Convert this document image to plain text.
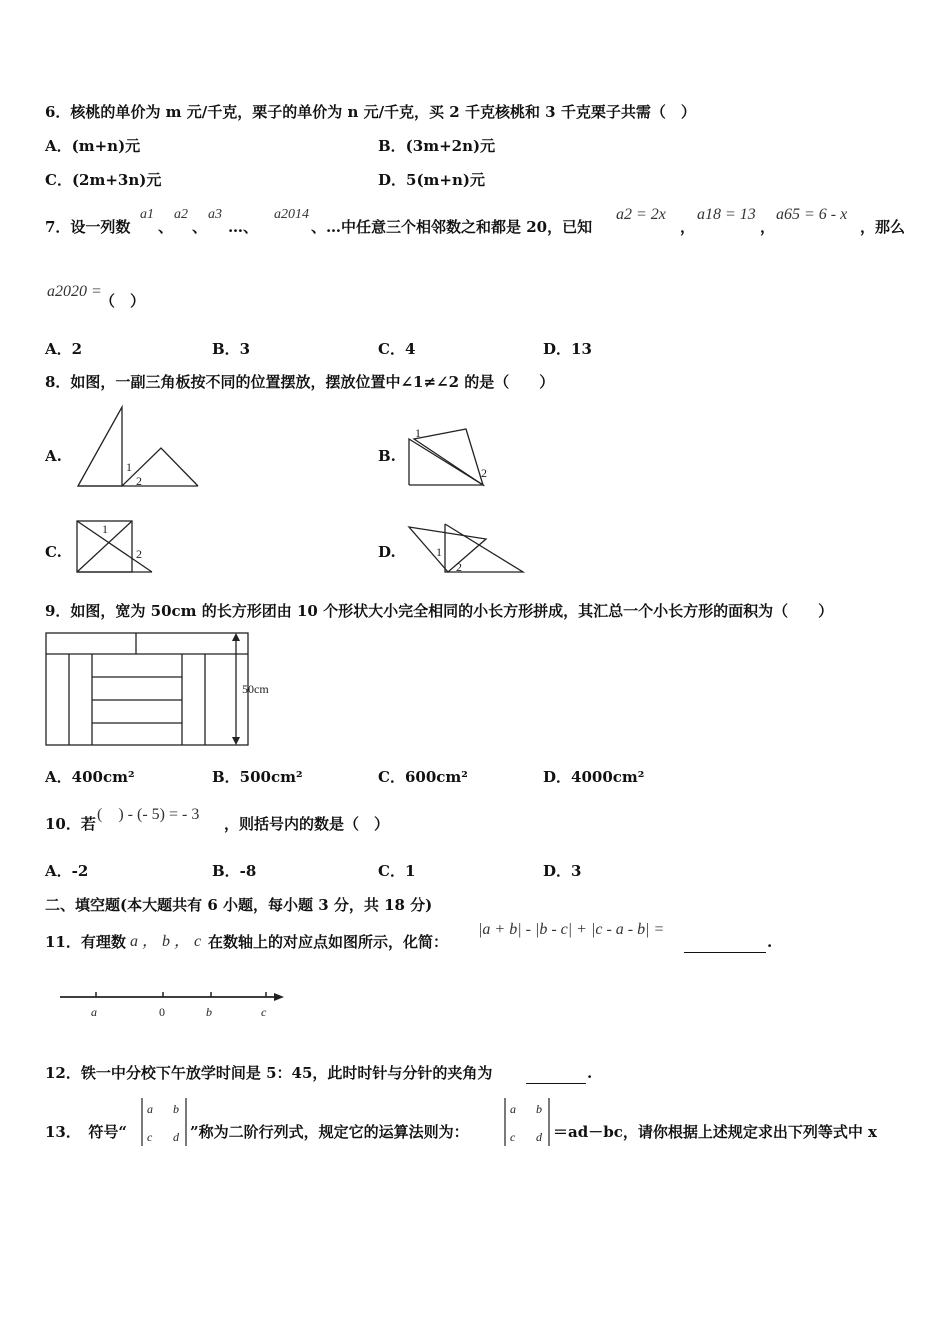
6．核桃的单价为 m 元/千克，栗子的单价为 n 元/千克，买 2 千克核桃和 3 千克栗子共需（　）
A．(m+n)元	B．(3m+2n)元
C．(2m+3n)元	D．5(m+n)元
7．设一列数
a1
、
a2
、
a3
…、
a2014
、…中任意三个相邻数之和都是 20，已知
a2 = 2x
，
a18 = 13
，
a65 = 6 - x
，那么
a2020 =
（　）
A．2	B．3	C．4	D．13
8．如图，一副三角板按不同的位置摆放，摆放位置中∠1≠∠2 的是（　　）
A.	B.
C.	D.
1
2
1
2
1
2	1
2
9．如图，宽为 50cm 的长方形团由 10 个形状大小完全相同的小长方形拼成，其汇总一个小长方形的面积为（　　）
50cm
A．400cm²	B．500cm²	C．600cm²	D．4000cm²
10．若
(　) - (- 5) = - 3
，则括号内的数是（　）
A．-2	B．-8	C．1	D．3
二、填空题(本大题共有 6 小题，每小题 3 分，共 18 分)
11．有理数 a ， b ， c 在数轴上的对应点如图所示，化简：
|a + b| - |b - c| + |c - a - b| =

.
a	0	b	c
12．铁一中分校下午放学时间是 5：45，此时时针与分针的夹角为
	.
13．　符号“
a b
c d ”称为二阶行列式，规定它的运算法则为：
a b
c d ＝ad－bc，请你根据上述规定求出下列等式中 x
